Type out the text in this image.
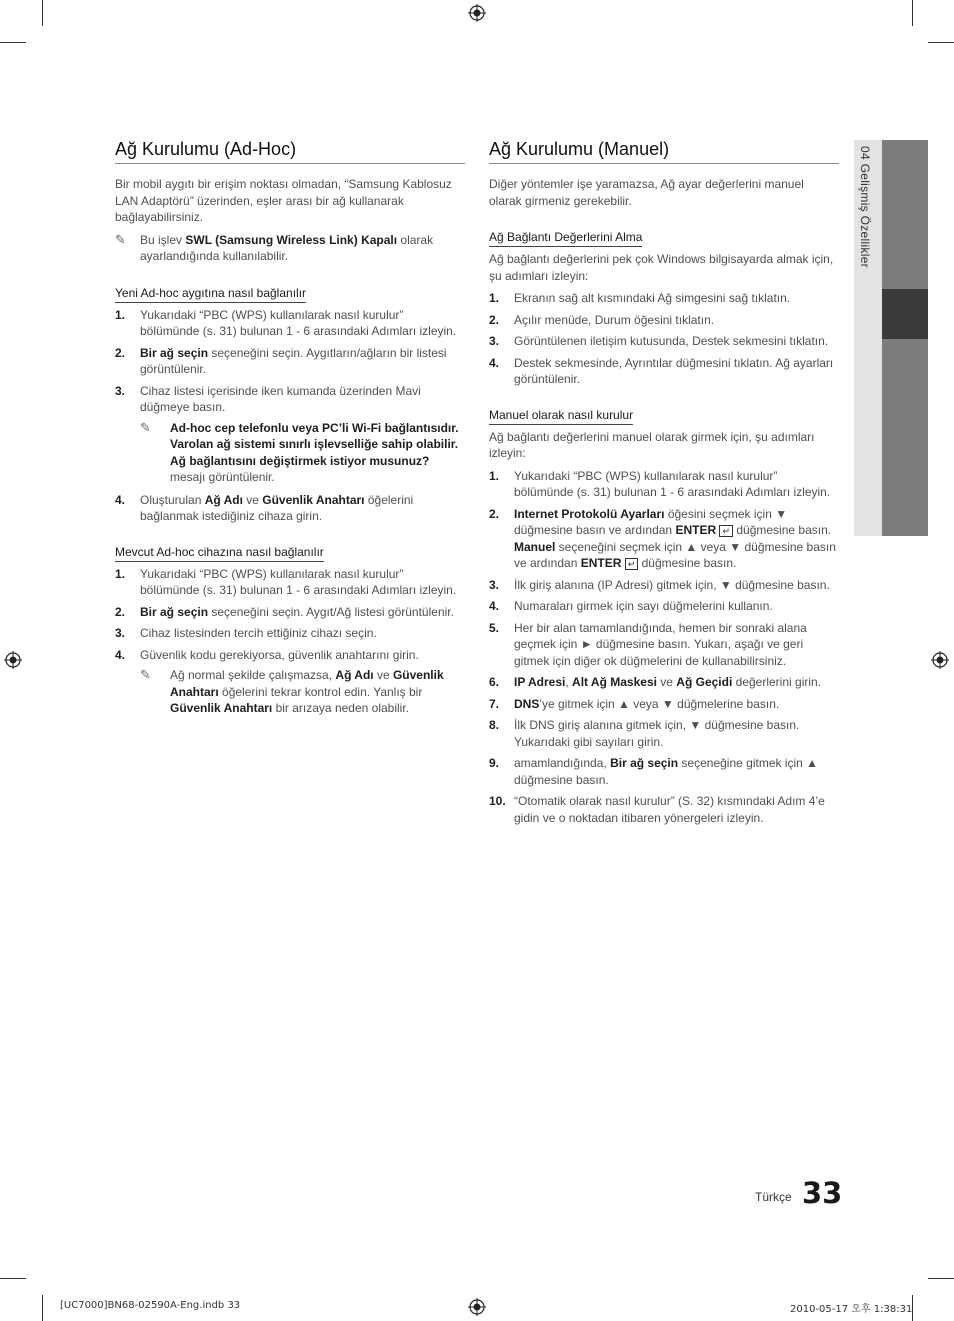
04 Gelişmiş Özellikler
Ağ Kurulumu (Ad-Hoc)

Bir mobil aygıtı bir erişim noktası olmadan, “Samsung Kablosuz LAN Adaptörü” üzerinden, eşler arası bir ağ kullanarak bağlayabilirsiniz.

✎ Bu işlev SWL (Samsung Wireless Link) Kapalı olarak ayarlandığında kullanılabilir.
Yeni Ad-hoc aygıtına nasıl bağlanılır
1. Yukarıdaki “PBC (WPS) kullanılarak nasıl kurulur” bölümünde (s. 31) bulunan 1 - 6 arasındaki Adımları izleyin.
2. Bir ağ seçin seçeneğini seçin. Aygıtların/ağların bir listesi görüntülenir.
3. Cihaz listesi içerisinde iken kumanda üzerinden Mavi düğmeye basın.
✎ Ad-hoc cep telefonlu veya PC’li Wi-Fi bağlantısıdır. Varolan ağ sistemi sınırlı işlevselliğe sahip olabilir. Ağ bağlantısını değiştirmek istiyor musunuz? mesajı görüntülenir.
4. Oluşturulan Ağ Adı ve Güvenlik Anahtarı öğelerini bağlanmak istediğiniz cihaza girin.
Mevcut Ad-hoc cihazına nasıl bağlanılır
1. Yukarıdaki “PBC (WPS) kullanılarak nasıl kurulur” bölümünde (s. 31) bulunan 1 - 6 arasındaki Adımları izleyin.
2. Bir ağ seçin seçeneğini seçin. Aygıt/Ağ listesi görüntülenir.
3. Cihaz listesinden tercih ettiğiniz cihazı seçin.
4. Güvenlik kodu gerekiyorsa, güvenlik anahtarını girin.
✎ Ağ normal şekilde çalışmazsa, Ağ Adı ve Güvenlik Anahtarı öğelerini tekrar kontrol edin. Yanlış bir Güvenlik Anahtarı bir arızaya neden olabilir.
Ağ Kurulumu (Manuel)

Diğer yöntemler işe yaramazsa, Ağ ayar değerlerini manuel olarak girmeniz gerekebilir.

Ağ Bağlantı Değerlerini Alma

Ağ bağlantı değerlerini pek çok Windows bilgisayarda almak için, şu adımları izleyin:

1. Ekranın sağ alt kısmındaki Ağ simgesini sağ tıklatın.
2. Açılır menüde, Durum öğesini tıklatın.
3. Görüntülenen iletişim kutusunda, Destek sekmesini tıklatın.
4. Destek sekmesinde, Ayrıntılar düğmesini tıklatın. Ağ ayarları görüntülenir.
Manuel olarak nasıl kurulur

Ağ bağlantı değerlerini manuel olarak girmek için, şu adımları izleyin:

1. Yukarıdaki “PBC (WPS) kullanılarak nasıl kurulur” bölümünde (s. 31) bulunan 1 - 6 arasındaki Adımları izleyin.
2. Internet Protokolü Ayarları öğesini seçmek için ▼ düğmesine basın ve ardından ENTER ↵ düğmesine basın. Manuel seçeneğini seçmek için ▲ veya ▼ düğmesine basın ve ardından ENTER ↵ düğmesine basın.
3. İlk giriş alanına (IP Adresi) gitmek için, ▼ düğmesine basın.
4. Numaraları girmek için sayı düğmelerini kullanın.
5. Her bir alan tamamlandığında, hemen bir sonraki alana geçmek için ► düğmesine basın. Yukarı, aşağı ve geri gitmek için diğer ok düğmelerini de kullanabilirsiniz.
6. IP Adresi, Alt Ağ Maskesi ve Ağ Geçidi değerlerini girin.
7. DNS’ye gitmek için ▲ veya ▼ düğmelerine basın.
8. İlk DNS giriş alanına gitmek için, ▼ düğmesine basın. Yukarıdaki gibi sayıları girin.
9. amamlandığında, Bir ağ seçin seçeneğine gitmek için ▲ düğmesine basın.
10. “Otomatik olarak nasıl kurulur” (S. 32) kısmındaki Adım 4’e gidin ve o noktadan itibaren yönergeleri izleyin.
Türkçe 33
[UC7000]BN68-02590A-Eng.indb 33	2010-05-17 오후 1:38:31
